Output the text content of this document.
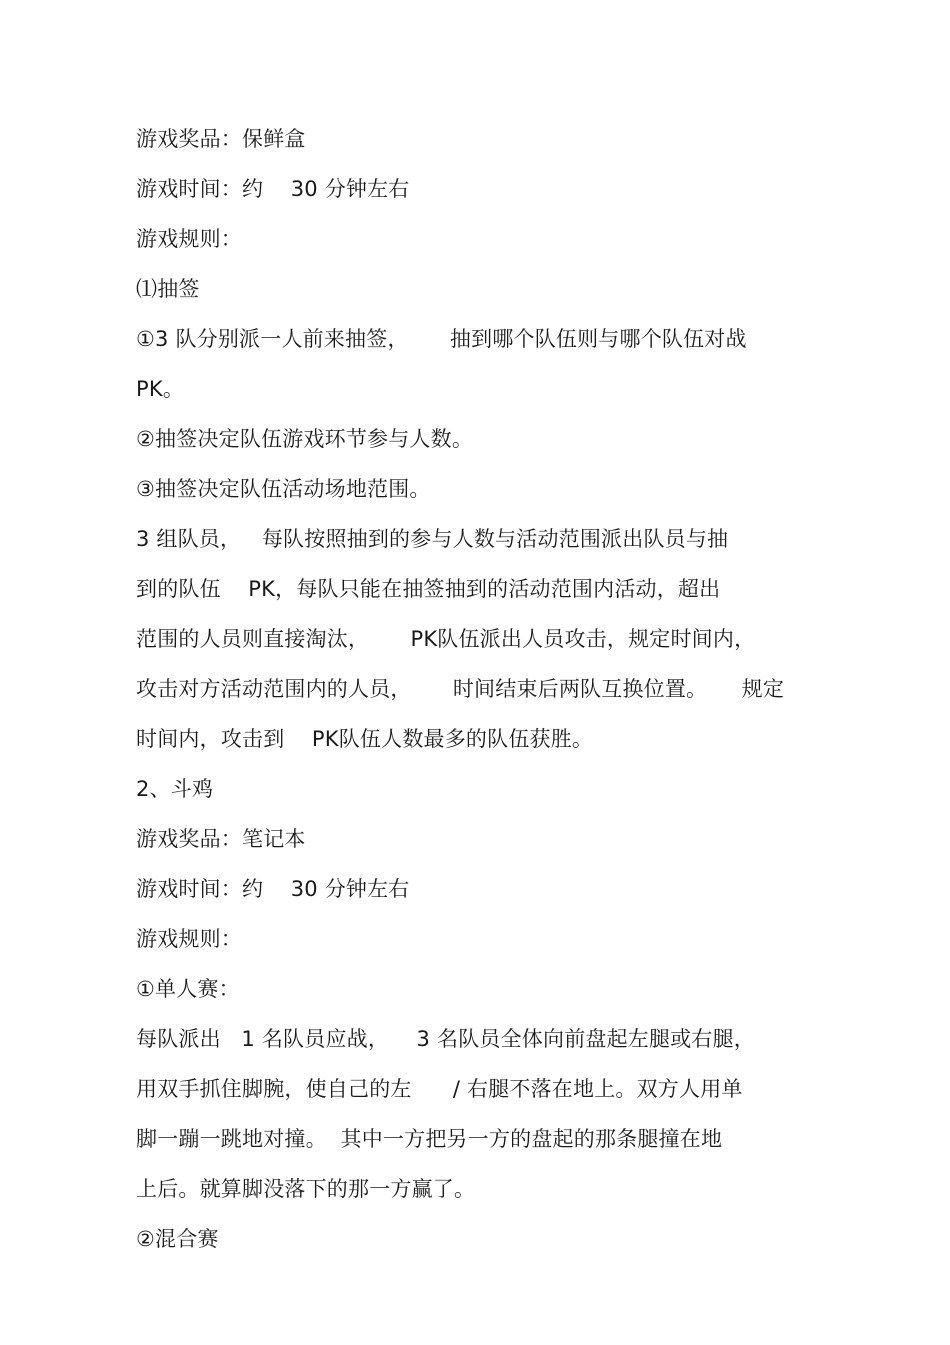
游戏奖品：保鲜盒
游戏时间：约    30 分钟左右
游戏规则：
⑴抽签
①3 队分别派一人前来抽签，      抽到哪个队伍则与哪个队伍对战
PK。
②抽签决定队伍游戏环节参与人数。
③抽签决定队伍活动场地范围。
3 组队员，   每队按照抽到的参与人数与活动范围派出队员与抽
到的队伍    PK，每队只能在抽签抽到的活动范围内活动，超出
范围的人员则直接淘汰，      PK队伍派出人员攻击，规定时间内，
攻击对方活动范围内的人员，      时间结束后两队互换位置。     规定
时间内，攻击到    PK队伍人数最多的队伍获胜。
2、斗鸡
游戏奖品：笔记本
游戏时间：约    30 分钟左右
游戏规则：
①单人赛：
每队派出   1 名队员应战，    3 名队员全体向前盘起左腿或右腿，
用双手抓住脚腕，使自己的左      / 右腿不落在地上。双方人用单
脚一蹦一跳地对撞。  其中一方把另一方的盘起的那条腿撞在地
上后。就算脚没落下的那一方赢了。
②混合赛
